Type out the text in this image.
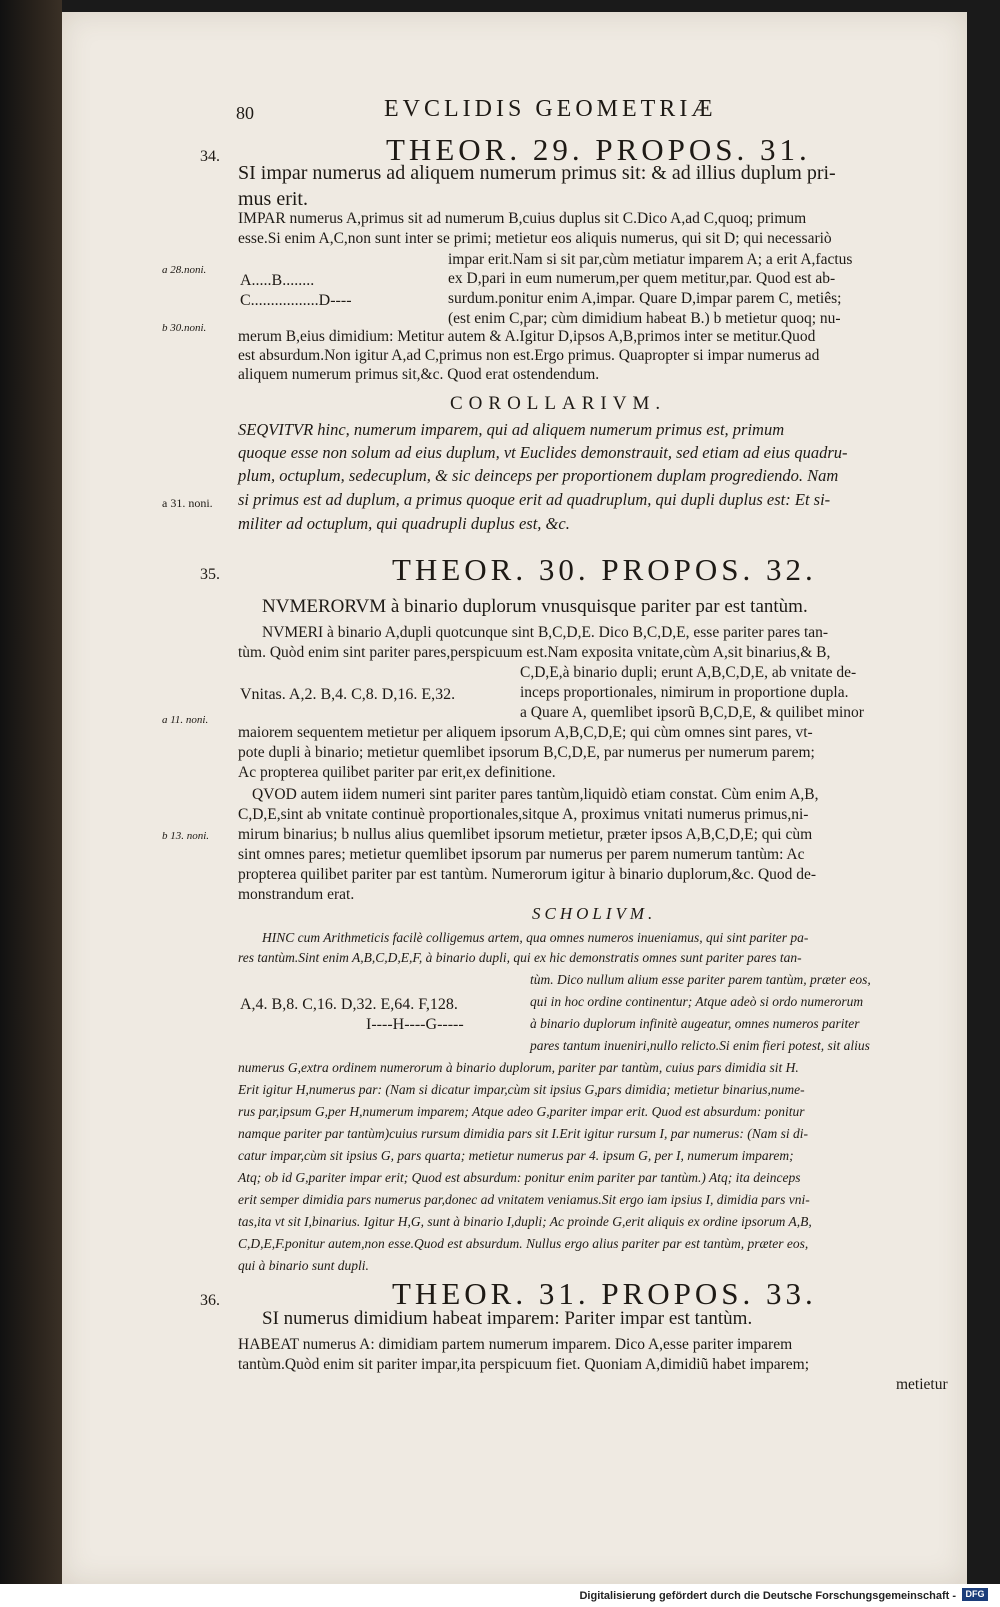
80	EVCLIDIS GEOMETRIÆ
34.	THEOR. 29. PROPOS. 31.
SI impar numerus ad aliquem numerum primus sit: & ad illius duplum pri-
mus erit.
IMPAR numerus A,primus sit ad numerum B,cuius duplus sit C.Dico A,ad C,quoq; primum
esse.Si enim A,C,non sunt inter se primi; metietur eos aliquis numerus, qui sit D; qui necessariò
impar erit.Nam si sit par,cùm metiatur imparem A; a erit A,factus
a 28.noni.
A.....B........	ex D,pari in eum numerum,per quem metitur,par. Quod est ab-
C.................D----	surdum.ponitur enim A,impar. Quare D,impar parem C, metiês;
(est enim C,par; cùm dimidium habeat B.) b metietur quoq; nu-
b 30.noni. merum B,eius dimidium: Metitur autem & A.Igitur D,ipsos A,B,primos inter se metitur.Quod
est absurdum.Non igitur A,ad C,primus non est.Ergo primus. Quapropter si impar numerus ad
aliquem numerum primus sit,&c. Quod erat ostendendum.
COROLLARIVM.
SEQVITVR hinc, numerum imparem, qui ad aliquem numerum primus est, primum
quoque esse non solum ad eius duplum, vt Euclides demonstrauit, sed etiam ad eius quadru-
plum, octuplum, sedecuplum, & sic deinceps per proportionem duplam progrediendo. Nam
a 31. noni. si primus est ad duplum, a primus quoque erit ad quadruplum, qui dupli duplus est: Et si-
militer ad octuplum, qui quadrupli duplus est, &c.
35.	THEOR. 30. PROPOS. 32.
NVMERORVM à binario duplorum vnusquisque pariter par est tantùm.
NVMERI à binario A,dupli quotcunque sint B,C,D,E. Dico B,C,D,E, esse pariter pares tan-
tùm. Quòd enim sint pariter pares,perspicuum est.Nam exposita vnitate,cùm A,sit binarius,& B,
C,D,E,à binario dupli; erunt A,B,C,D,E, ab vnitate de-
Vnitas. A,2. B,4. C,8. D,16. E,32.	inceps proportionales, nimirum in proportione dupla.
a Quare A, quemlibet ipsorũ B,C,D,E, & quilibet minor
a 11. noni.
maiorem sequentem metietur per aliquem ipsorum A,B,C,D,E; qui cùm omnes sint pares, vt-
pote dupli à binario; metietur quemlibet ipsorum B,C,D,E, par numerus per numerum parem;
Ac propterea quilibet pariter par erit,ex definitione.
QVOD autem iidem numeri sint pariter pares tantùm,liquidò etiam constat. Cùm enim A,B,
C,D,E,sint ab vnitate continuè proportionales,sitque A, proximus vnitati numerus primus,ni-
b 13. noni. mirum binarius; b nullus alius quemlibet ipsorum metietur, præter ipsos A,B,C,D,E; qui cùm
sint omnes pares; metietur quemlibet ipsorum par numerus per parem numerum tantùm: Ac
propterea quilibet pariter par est tantùm. Numerorum igitur à binario duplorum,&c. Quod de-
monstrandum erat.
SCHOLIVM.
HINC cum Arithmeticis facilè colligemus artem, qua omnes numeros inueniamus, qui sint pariter pa-
res tantùm.Sint enim A,B,C,D,E,F, à binario dupli, qui ex hic demonstratis omnes sunt pariter pares tan-
tùm. Dico nullum alium esse pariter parem tantùm, præter eos,
A,4. B,8. C,16. D,32. E,64. F,128.	qui in hoc ordine continentur; Atque adeò si ordo numerorum
I----H----G-----	à binario duplorum infinitè augeatur, omnes numeros pariter
pares tantum inueniri,nullo relicto.Si enim fieri potest, sit alius
numerus G,extra ordinem numerorum à binario duplorum, pariter par tantùm, cuius pars dimidia sit H.
Erit igitur H,numerus par: (Nam si dicatur impar,cùm sit ipsius G,pars dimidia; metietur binarius,nume-
rus par,ipsum G,per H,numerum imparem; Atque adeo G,pariter impar erit. Quod est absurdum: ponitur
namque pariter par tantùm)cuius rursum dimidia pars sit I.Erit igitur rursum I, par numerus: (Nam si di-
catur impar,cùm sit ipsius G, pars quarta; metietur numerus par 4. ipsum G, per I, numerum imparem;
Atq; ob id G,pariter impar erit; Quod est absurdum: ponitur enim pariter par tantùm.) Atq; ita deinceps
erit semper dimidia pars numerus par,donec ad vnitatem veniamus.Sit ergo iam ipsius I, dimidia pars vni-
tas,ita vt sit I,binarius. Igitur H,G, sunt à binario I,dupli; Ac proinde G,erit aliquis ex ordine ipsorum A,B,
C,D,E,F.ponitur autem,non esse.Quod est absurdum. Nullus ergo alius pariter par est tantùm, præter eos,
qui à binario sunt dupli.
36.	THEOR. 31. PROPOS. 33.
SI numerus dimidium habeat imparem: Pariter impar est tantùm.
HABEAT numerus A: dimidiam partem numerum imparem. Dico A,esse pariter imparem
tantùm.Quòd enim sit pariter impar,ita perspicuum fiet. Quoniam A,dimidiũ habet imparem;
metietur
Digitalisierung gefördert durch die Deutsche Forschungsgemeinschaft -	DFG
